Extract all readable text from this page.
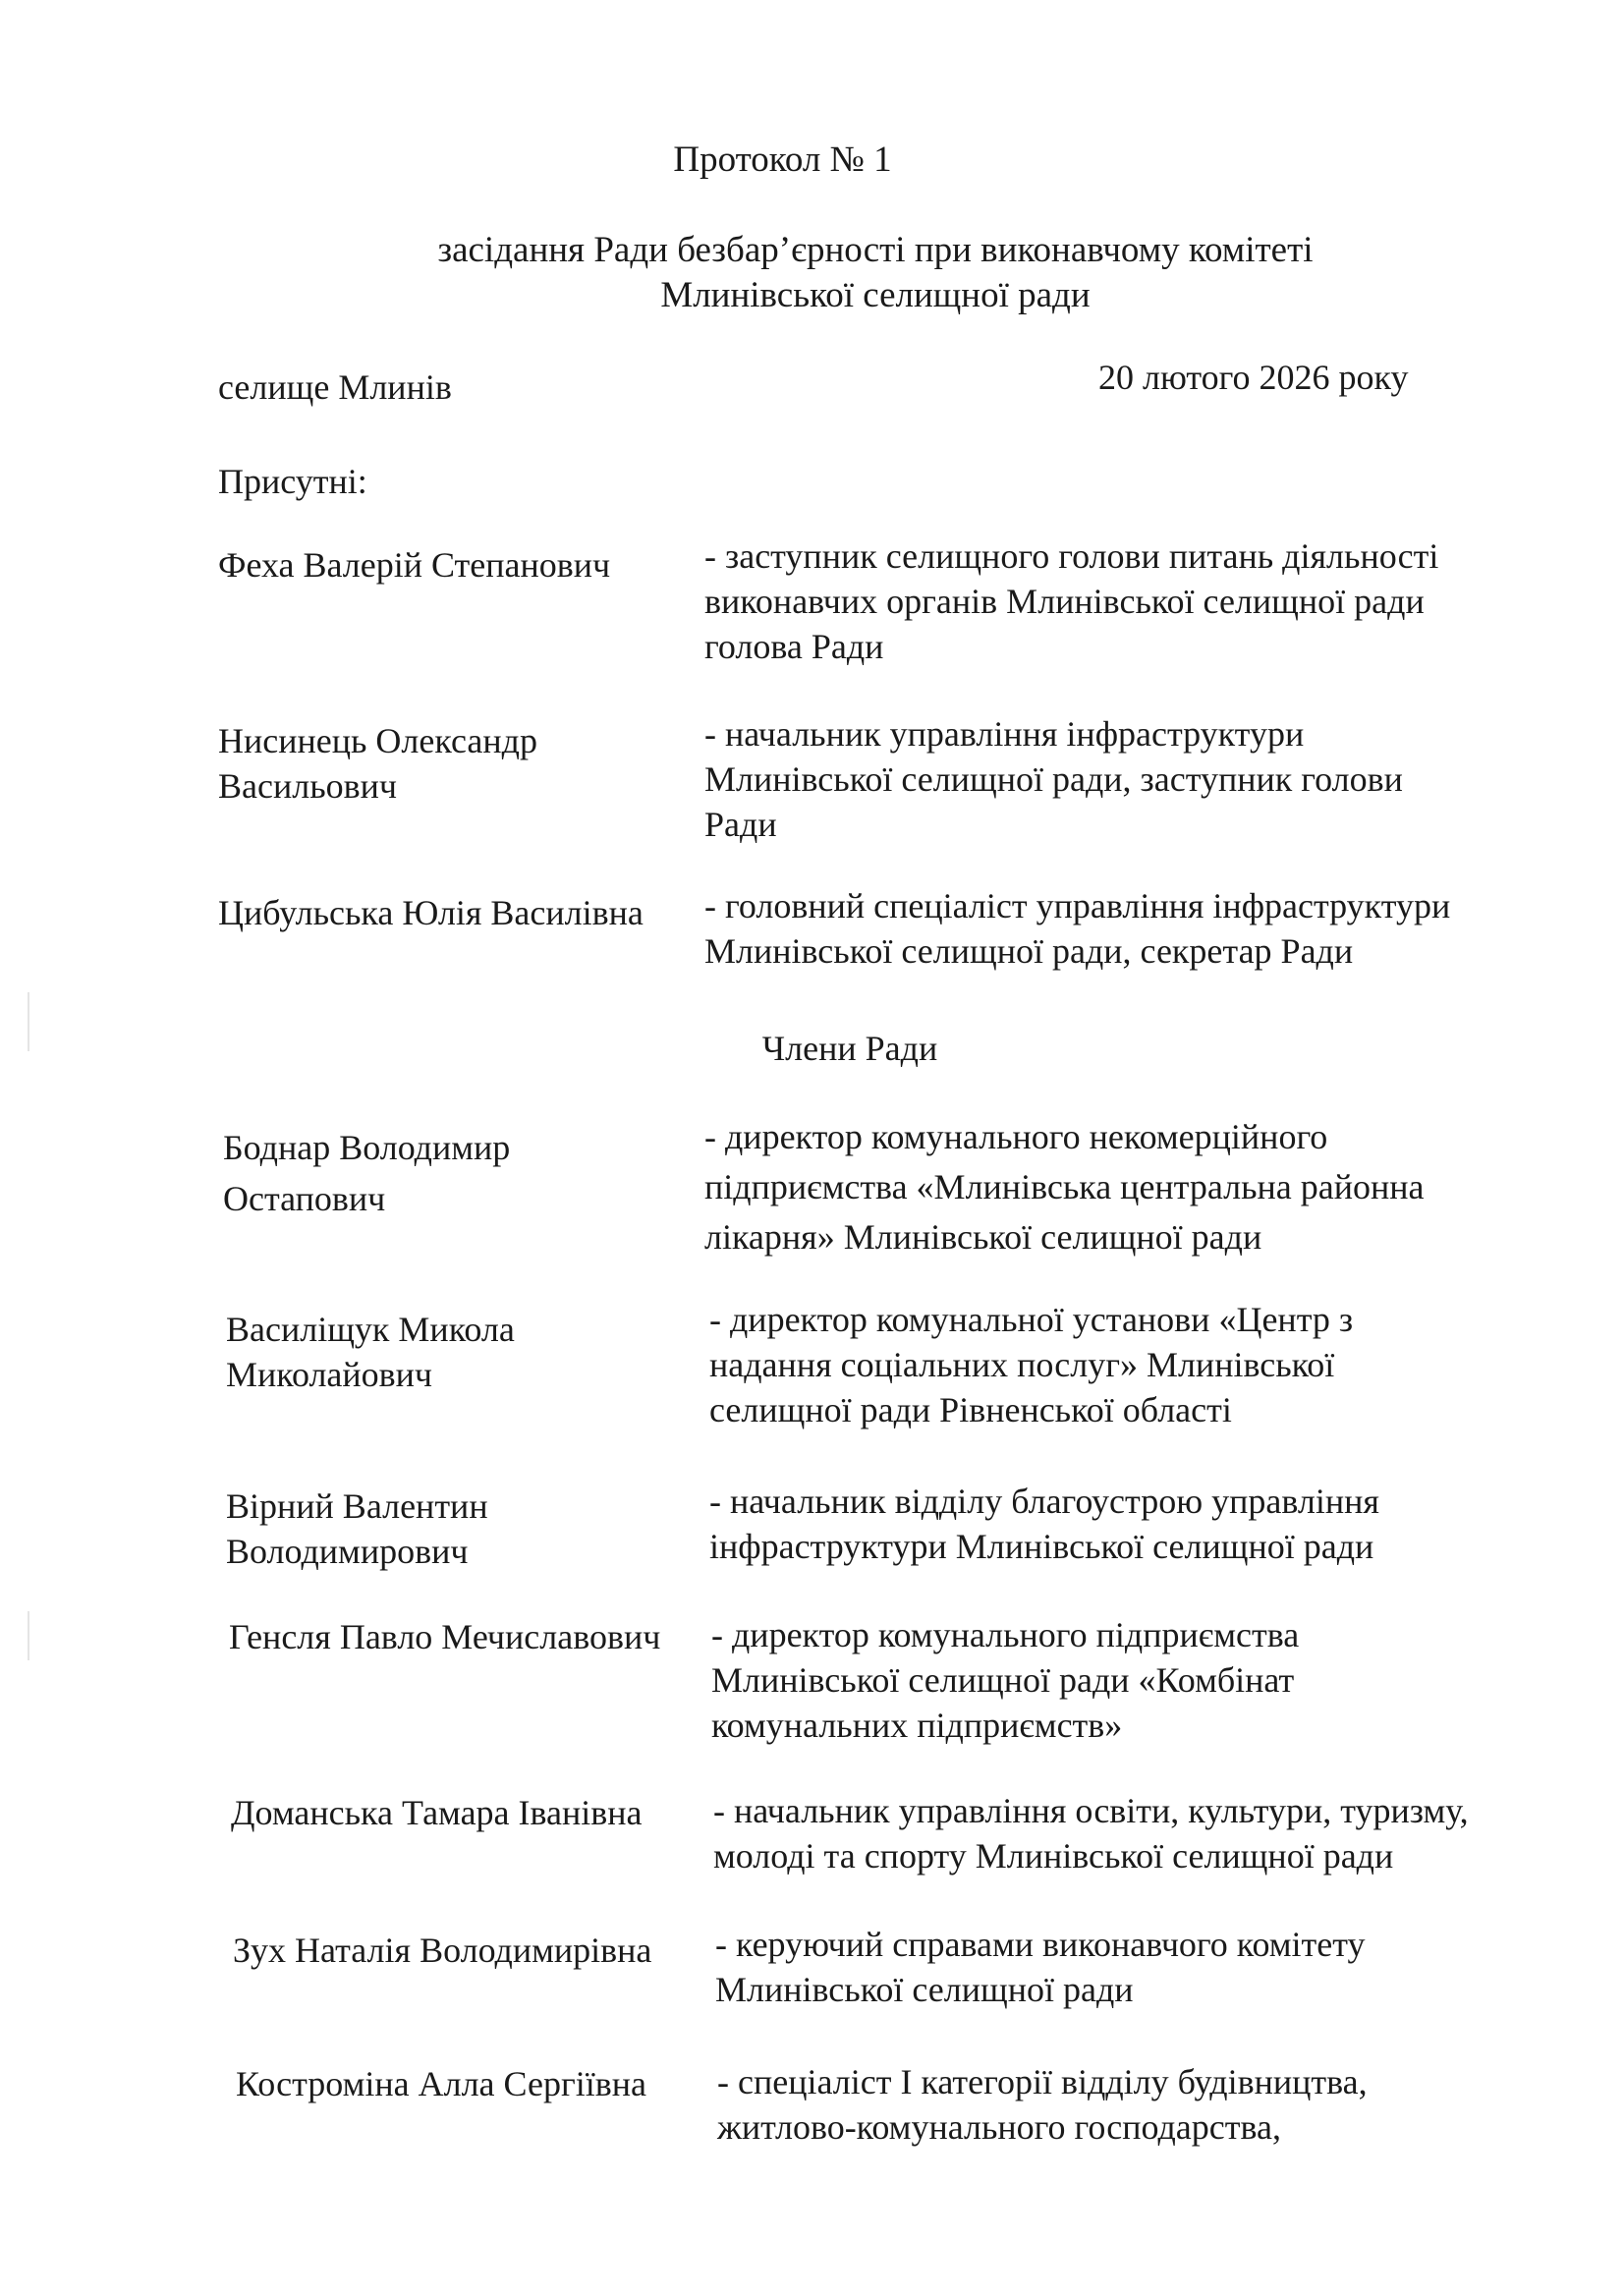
Протокол № 1
засідання Ради безбар’єрності при виконавчому комітеті
Млинівської селищної ради
селище Млинів	20 лютого 2026 року
Присутні:
Феха Валерій Степанович	- заступник селищного голови питань діяльності
виконавчих органів Млинівської селищної ради
голова Ради
Нисинець Олександр
Васильович
- начальник управління інфраструктури
Млинівської селищної ради, заступник голови
Ради
Цибульська Юлія Василівна - головний спеціаліст управління інфраструктури
Млинівської селищної ради, секретар Ради
Члени Ради
Боднар Володимир
Остапович
- директор комунального некомерційного
підприємства «Млинівська центральна районна
лікарня» Млинівської селищної ради
Василіщук Микола
Миколайович
- директор комунальної установи «Центр з
надання соціальних послуг» Млинівської
селищної ради Рівненської області
Вірний Валентин
Володимирович
- начальник відділу благоустрою управління
інфраструктури Млинівської селищної ради
Генсля Павло Мечиславович - директор комунального підприємства
Млинівської селищної ради «Комбінат
комунальних підприємств»
Доманська Тамара Іванівна - начальник управління освіти, культури, туризму,
молоді та спорту Млинівської селищної ради
Зух Наталія Володимирівна - керуючий справами виконавчого комітету
Млинівської селищної ради
Костроміна Алла Сергіївна - спеціаліст І категорії відділу будівництва,
житлово-комунального господарства,
